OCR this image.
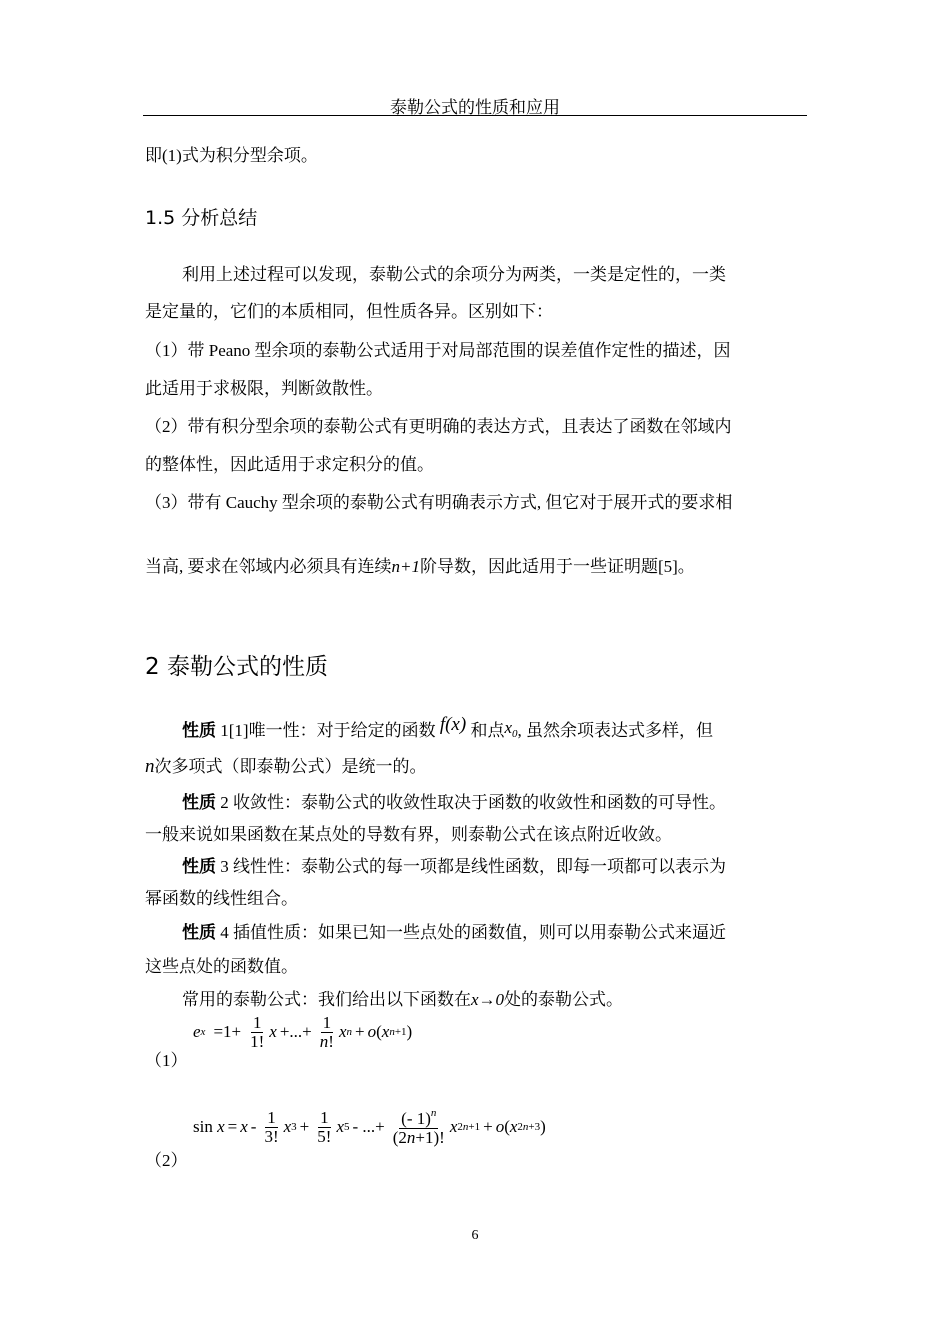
泰勒公式的性质和应用
即(1)式为积分型余项。
1.5 分析总结
利用上述过程可以发现，泰勒公式的余项分为两类，一类是定性的，一类
是定量的，它们的本质相同，但性质各异。区别如下：
（1）带 Peano 型余项的泰勒公式适用于对局部范围的误差值作定性的描述，因
此适用于求极限，判断敛散性。
（2）带有积分型余项的泰勒公式有更明确的表达方式，且表达了函数在邻域内
的整体性，因此适用于求定积分的值。
（3）带有 Cauchy 型余项的泰勒公式有明确表示方式, 但它对于展开式的要求相
当高, 要求在邻域内必须具有连续n+1阶导数，因此适用于一些证明题[5]。
2 泰勒公式的性质
性质 1[1]唯一性：对于给定的函数 f(x) 和点$x_0$, 虽然余项表达式多样，但
n次多项式（即泰勒公式）是统一的。
性质 2 收敛性：泰勒公式的收敛性取决于函数的收敛性和函数的可导性。
一般来说如果函数在某点处的导数有界，则泰勒公式在该点附近收敛。
性质 3 线性性：泰勒公式的每一项都是线性函数，即每一项都可以表示为
幂函数的线性组合。
性质 4 插值性质：如果已知一些点处的函数值，则可以用泰勒公式来逼近
这些点处的函数值。
常用的泰勒公式：我们给出以下函数在x→0处的泰勒公式。
（1）
e $x =1+ \frac{1}{1!}$ x +...+ $\frac{1}{n!}$ x n + o ( x n+1 )
（2）
$\sin x = x - \frac{1}{3!}$ x $3 + \frac{1}{5!}$ x 5 - ...+ $\frac{(- 1)^n}{(2n+1)!}$ x 2n+1 + o ( x 2n+3 )
6
